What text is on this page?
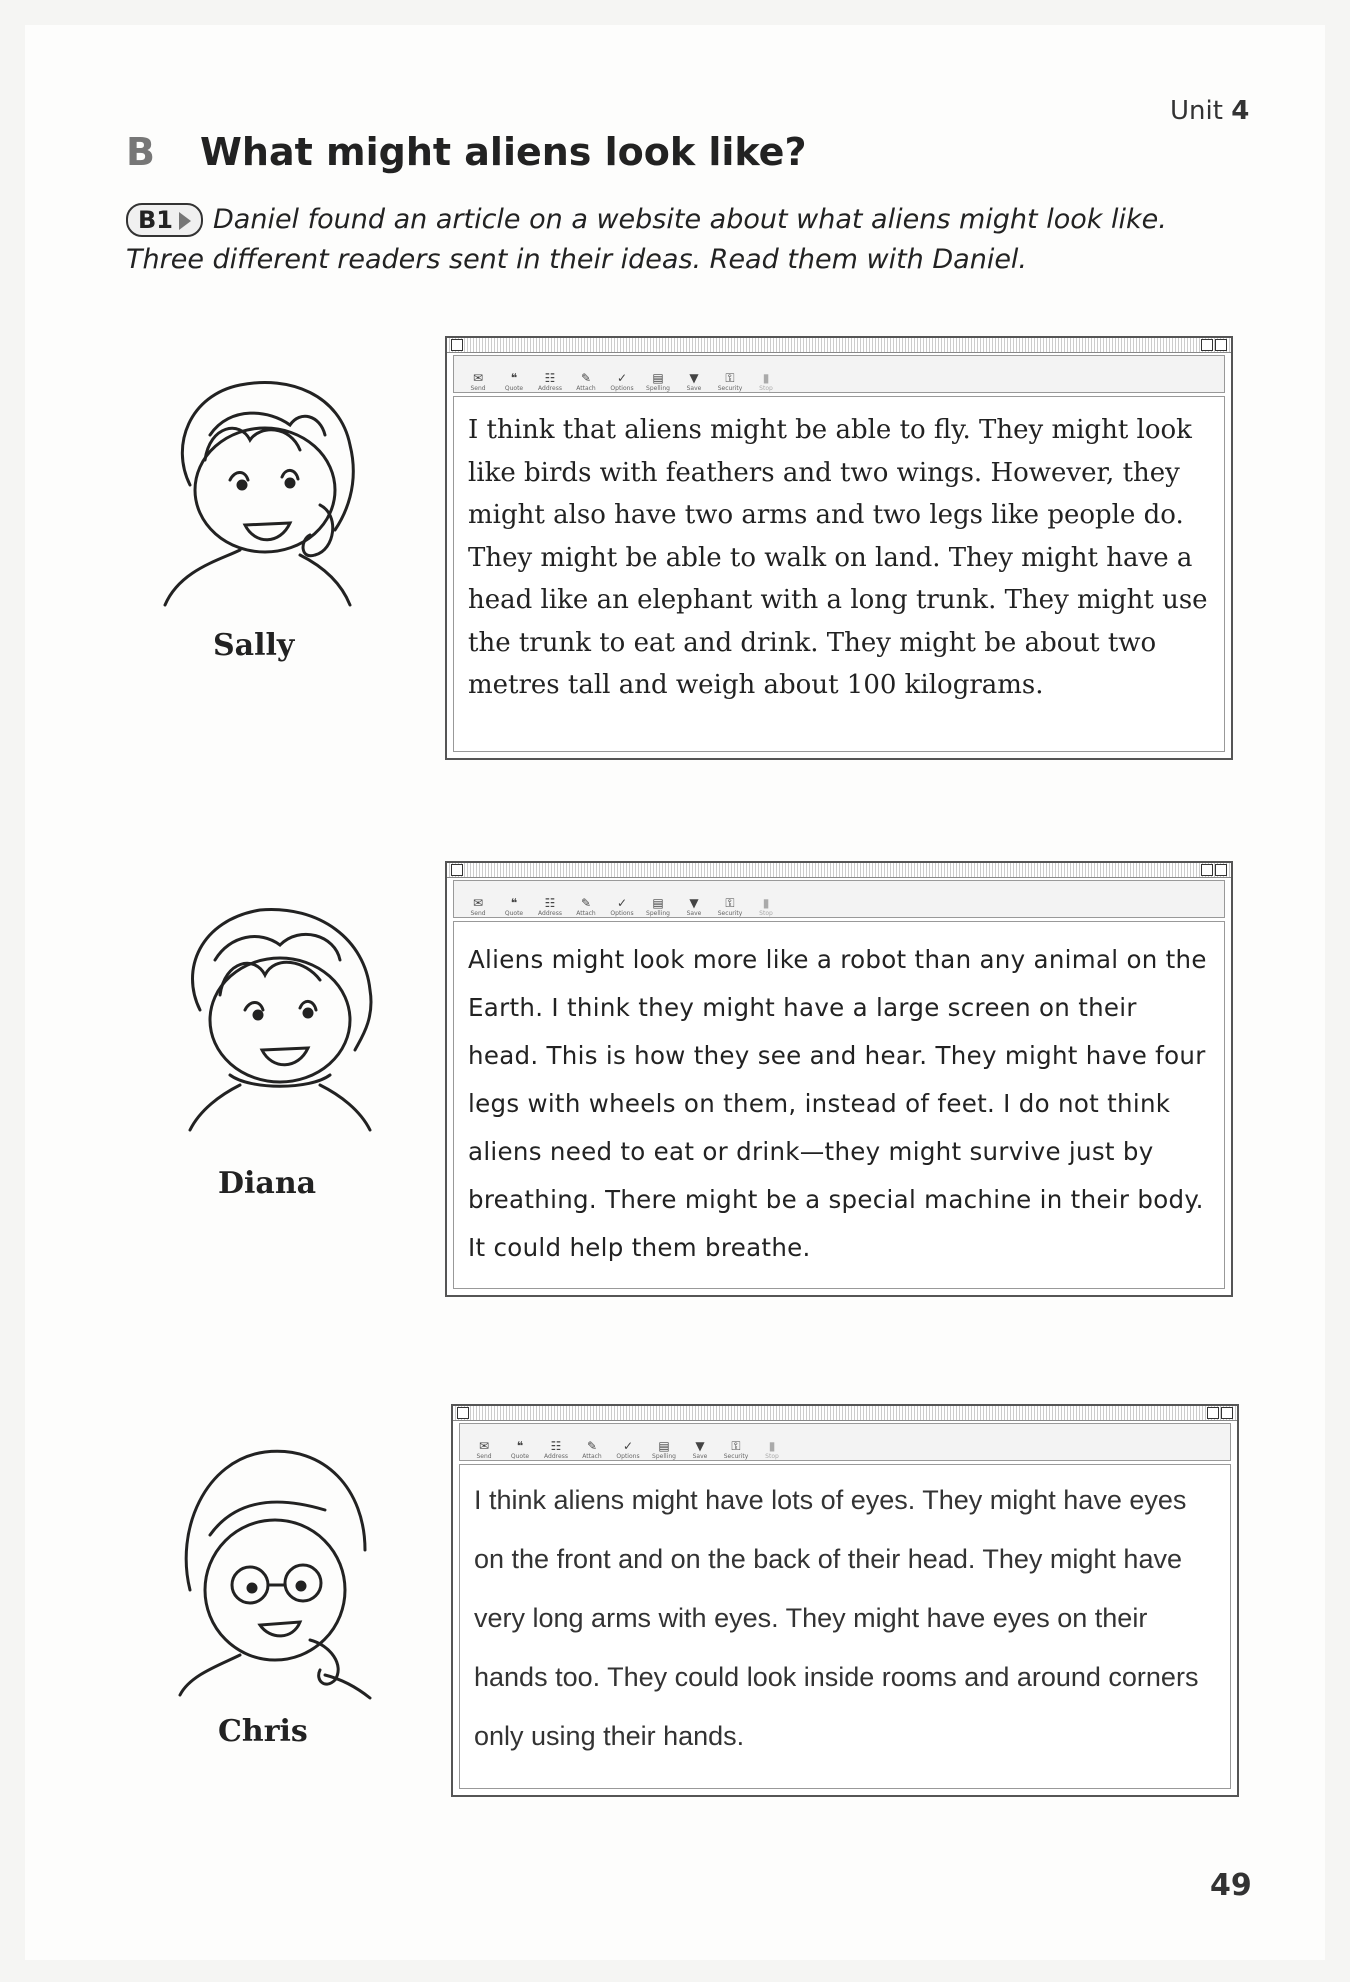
Unit 4
B What might aliens look like?
B1 Daniel found an article on a website about what aliens might look like. Three different readers sent in their ideas. Read them with Daniel.
Sally
Diana
Chris
✉
Send
❝
Quote
☷
Address
✎
Attach
✓
Options
▤
Spelling
▼
Save
⚿
Security
▮
Stop
I think that aliens might be able to fly. They might look like birds with feathers and two wings. However, they might also have two arms and two legs like people do. They might be able to walk on land. They might have a head like an elephant with a long trunk. They might use the trunk to eat and drink. They might be about two metres tall and weigh about 100 kilograms.
✉
Send
❝
Quote
☷
Address
✎
Attach
✓
Options
▤
Spelling
▼
Save
⚿
Security
▮
Stop
Aliens might look more like a robot than any animal on the Earth. I think they might have a large screen on their head. This is how they see and hear. They might have four legs with wheels on them, instead of feet. I do not think aliens need to eat or drink—they might survive just by breathing. There might be a special machine in their body. It could help them breathe.
✉
Send
❝
Quote
☷
Address
✎
Attach
✓
Options
▤
Spelling
▼
Save
⚿
Security
▮
Stop
I think aliens might have lots of eyes. They might have eyes on the front and on the back of their head. They might have very long arms with eyes. They might have eyes on their hands too. They could look inside rooms and around corners only using their hands.
49
